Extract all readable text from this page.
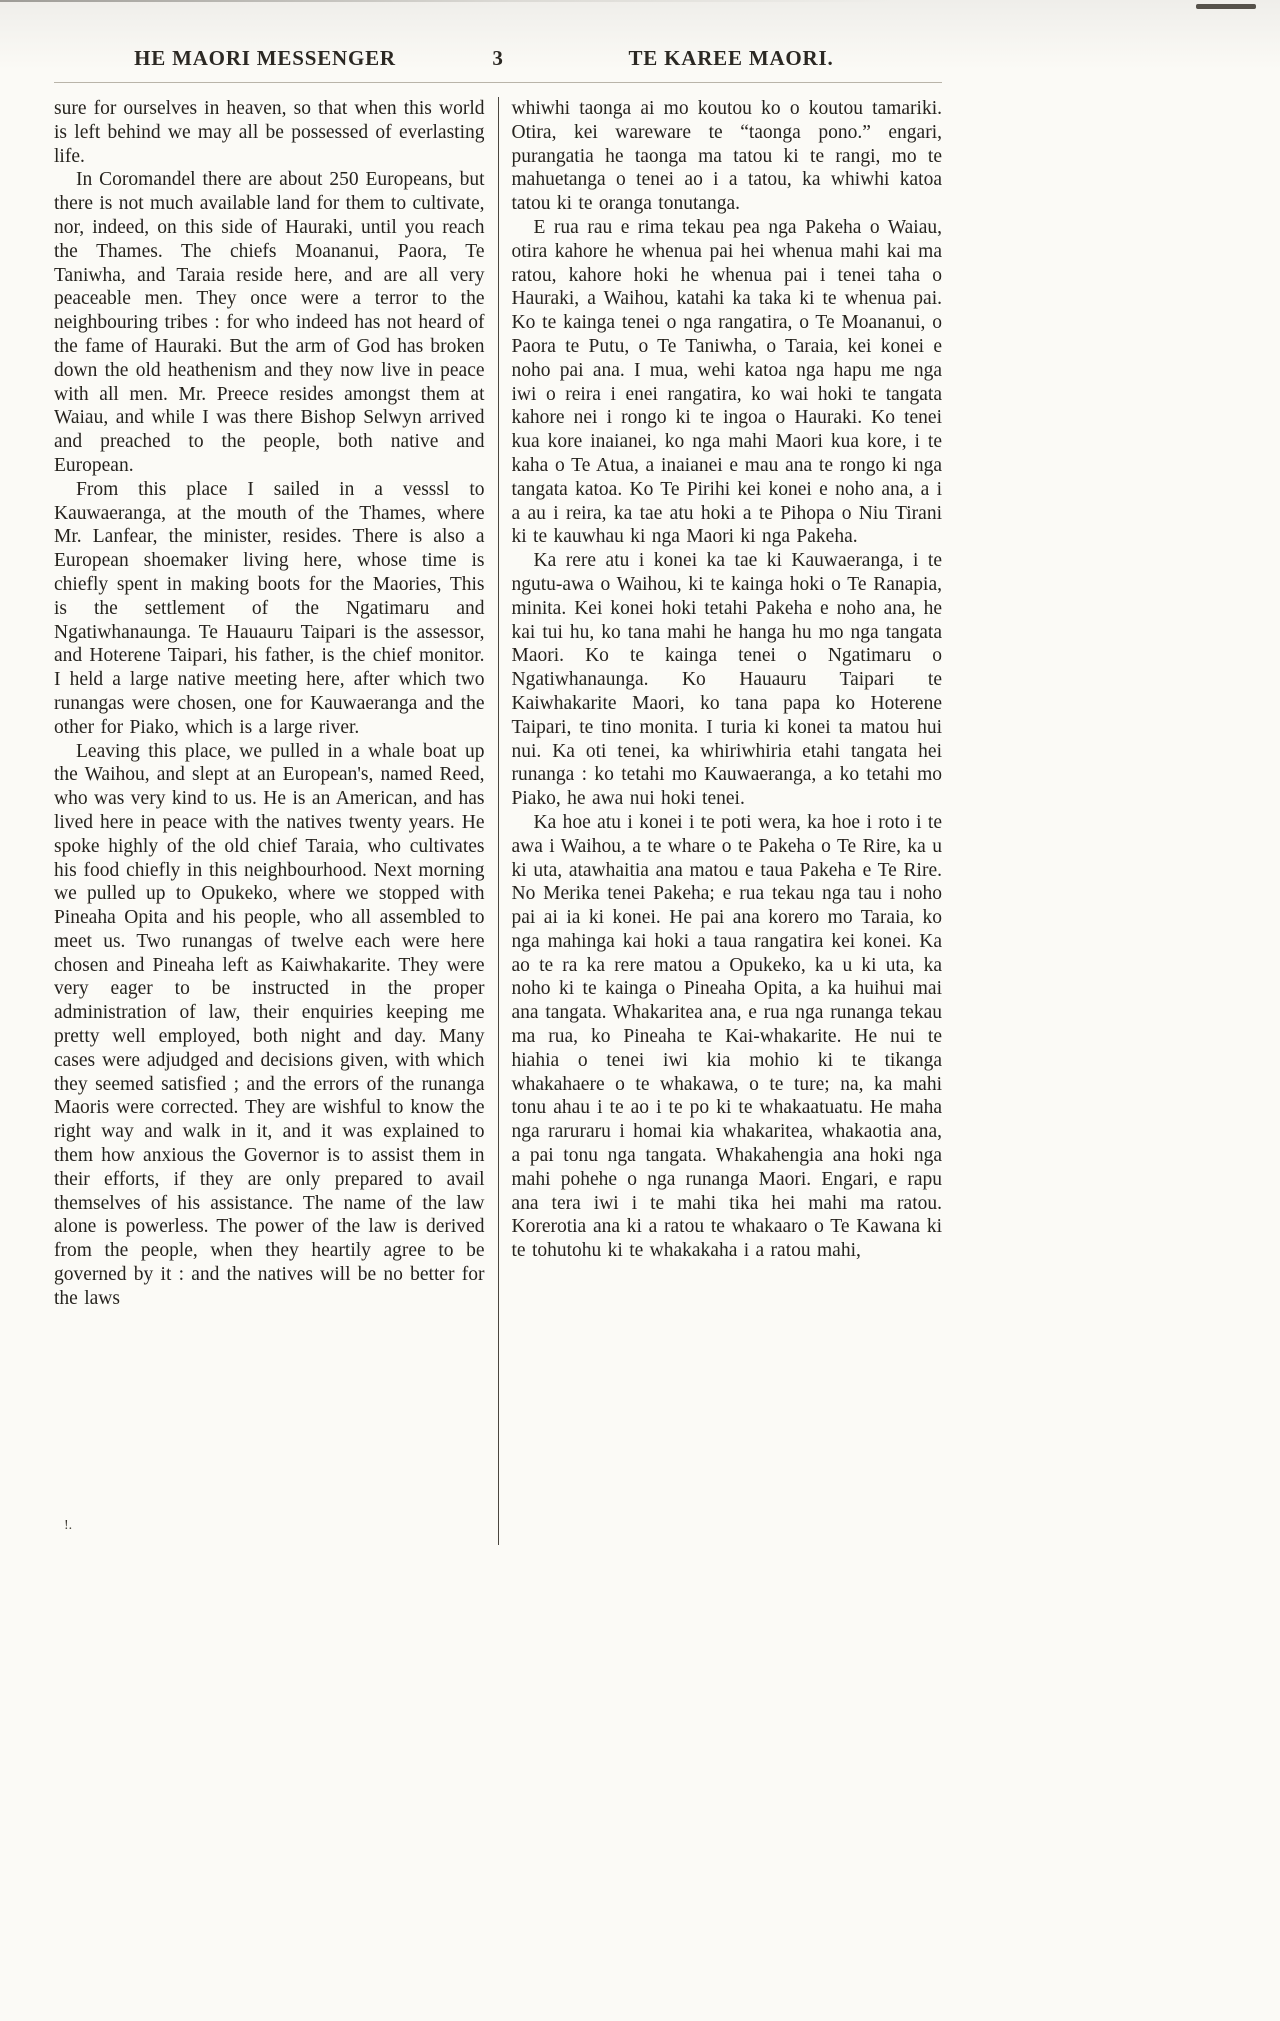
HE MAORI MESSENGER	3	TE KAREE MAORI.

sure for ourselves in heaven, so that when this world is left behind we may all be possessed of everlasting life.

In Coromandel there are about 250 Europeans, but there is not much available land for them to cultivate, nor, indeed, on this side of Hauraki, until you reach the Thames. The chiefs Moananui, Paora, Te Taniwha, and Taraia reside here, and are all very peaceable men. They once were a terror to the neighbouring tribes : for who indeed has not heard of the fame of Hauraki. But the arm of God has broken down the old heathenism and they now live in peace with all men. Mr. Preece resides amongst them at Waiau, and while I was there Bishop Selwyn arrived and preached to the people, both native and European.

From this place I sailed in a vesssl to Kauwaeranga, at the mouth of the Thames, where Mr. Lanfear, the minister, resides. There is also a European shoemaker living here, whose time is chiefly spent in making boots for the Maories, This is the settlement of the Ngatimaru and Ngatiwhanaunga. Te Hauauru Taipari is the assessor, and Hoterene Taipari, his father, is the chief monitor. I held a large native meeting here, after which two runangas were chosen, one for Kauwaeranga and the other for Piako, which is a large river.

Leaving this place, we pulled in a whale boat up the Waihou, and slept at an European's, named Reed, who was very kind to us. He is an American, and has lived here in peace with the natives twenty years. He spoke highly of the old chief Taraia, who cultivates his food chiefly in this neighbourhood. Next morning we pulled up to Opukeko, where we stopped with Pineaha Opita and his people, who all assembled to meet us. Two runangas of twelve each were here chosen and Pineaha left as Kaiwhakarite. They were very eager to be instructed in the proper administration of law, their enquiries keeping me pretty well employed, both night and day. Many cases were adjudged and decisions given, with which they seemed satisfied ; and the errors of the runanga Maoris were corrected. They are wishful to know the right way and walk in it, and it was explained to them how anxious the Governor is to assist them in their efforts, if they are only prepared to avail themselves of his assistance. The name of the law alone is powerless. The power of the law is derived from the people, when they heartily agree to be governed by it : and the natives will be no better for the laws

whiwhi taonga ai mo koutou ko o koutou tamariki. Otira, kei wareware te “taonga pono.” engari, purangatia he taonga ma tatou ki te rangi, mo te mahuetanga o tenei ao i a tatou, ka whiwhi katoa tatou ki te oranga tonutanga.

E rua rau e rima tekau pea nga Pakeha o Waiau, otira kahore he whenua pai hei whenua mahi kai ma ratou, kahore hoki he whenua pai i tenei taha o Hauraki, a Waihou, katahi ka taka ki te whenua pai. Ko te kainga tenei o nga rangatira, o Te Moananui, o Paora te Putu, o Te Taniwha, o Taraia, kei konei e noho pai ana. I mua, wehi katoa nga hapu me nga iwi o reira i enei rangatira, ko wai hoki te tangata kahore nei i rongo ki te ingoa o Hauraki. Ko tenei kua kore inaianei, ko nga mahi Maori kua kore, i te kaha o Te Atua, a inaianei e mau ana te rongo ki nga tangata katoa. Ko Te Pirihi kei konei e noho ana, a i a au i reira, ka tae atu hoki a te Pihopa o Niu Tirani ki te kauwhau ki nga Maori ki nga Pakeha.

Ka rere atu i konei ka tae ki Kauwaeranga, i te ngutu-awa o Waihou, ki te kainga hoki o Te Ranapia, minita. Kei konei hoki tetahi Pakeha e noho ana, he kai tui hu, ko tana mahi he hanga hu mo nga tangata Maori. Ko te kainga tenei o Ngatimaru o Ngatiwhanaunga. Ko Hauauru Taipari te Kaiwhakarite Maori, ko tana papa ko Hoterene Taipari, te tino monita. I turia ki konei ta matou hui nui. Ka oti tenei, ka whiriwhiria etahi tangata hei runanga : ko tetahi mo Kauwaeranga, a ko tetahi mo Piako, he awa nui hoki tenei.

Ka hoe atu i konei i te poti wera, ka hoe i roto i te awa i Waihou, a te whare o te Pakeha o Te Rire, ka u ki uta, atawhaitia ana matou e taua Pakeha e Te Rire. No Merika tenei Pakeha; e rua tekau nga tau i noho pai ai ia ki konei. He pai ana korero mo Taraia, ko nga mahinga kai hoki a taua rangatira kei konei. Ka ao te ra ka rere matou a Opukeko, ka u ki uta, ka noho ki te kainga o Pineaha Opita, a ka huihui mai ana tangata. Whakaritea ana, e rua nga runanga tekau ma rua, ko Pineaha te Kai-whakarite. He nui te hiahia o tenei iwi kia mohio ki te tikanga whakahaere o te whakawa, o te ture; na, ka mahi tonu ahau i te ao i te po ki te whakaatuatu. He maha nga raruraru i homai kia whakaritea, whakaotia ana, a pai tonu nga tangata. Whakahengia ana hoki nga mahi pohehe o nga runanga Maori. Engari, e rapu ana tera iwi i te mahi tika hei mahi ma ratou. Korerotia ana ki a ratou te whakaaro o Te Kawana ki te tohutohu ki te whakakaha i a ratou mahi,

!.
